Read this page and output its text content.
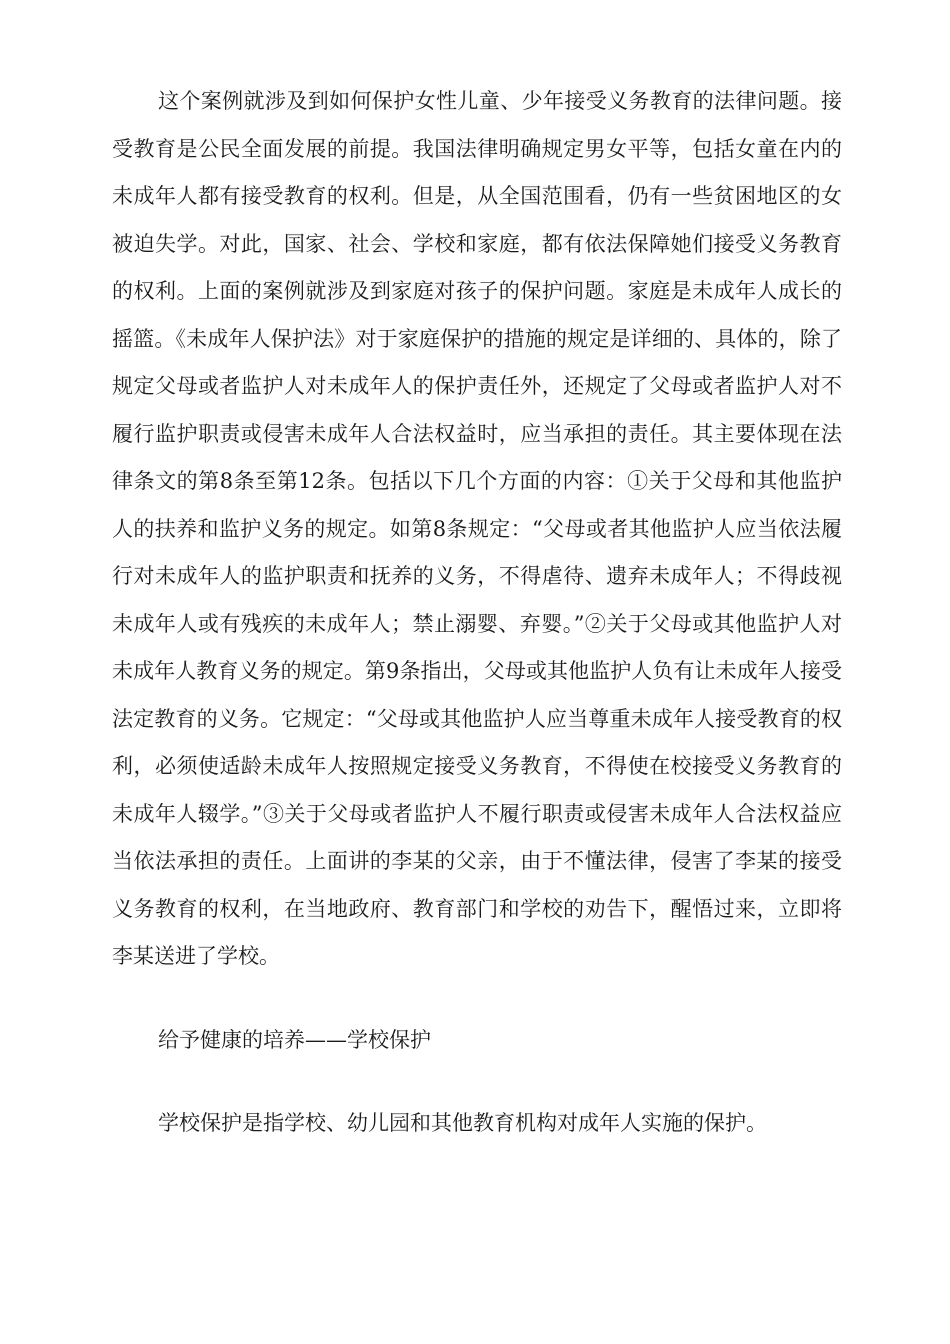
这个案例就涉及到如何保护女性儿童、少年接受义务教育的法律问题。接受教育是公民全面发展的前提。我国法律明确规定男女平等，包括女童在内的未成年人都有接受教育的权利。但是，从全国范围看，仍有一些贫困地区的女被迫失学。对此，国家、社会、学校和家庭，都有依法保障她们接受义务教育的权利。上面的案例就涉及到家庭对孩子的保护问题。家庭是未成年人成长的摇篮。《未成年人保护法》对于家庭保护的措施的规定是详细的、具体的，除了规定父母或者监护人对未成年人的保护责任外，还规定了父母或者监护人对不履行监护职责或侵害未成年人合法权益时，应当承担的责任。其主要体现在法律条文的第8条至第12条。包括以下几个方面的内容：①关于父母和其他监护人的扶养和监护义务的规定。如第8条规定：“父母或者其他监护人应当依法履行对未成年人的监护职责和抚养的义务，不得虐待、遗弃未成年人；不得歧视未成年人或有残疾的未成年人；禁止溺婴、弃婴。”②关于父母或其他监护人对未成年人教育义务的规定。第9条指出，父母或其他监护人负有让未成年人接受法定教育的义务。它规定：“父母或其他监护人应当尊重未成年人接受教育的权利，必须使适龄未成年人按照规定接受义务教育，不得使在校接受义务教育的未成年人辍学。”③关于父母或者监护人不履行职责或侵害未成年人合法权益应当依法承担的责任。上面讲的李某的父亲，由于不懂法律，侵害了李某的接受义务教育的权利，在当地政府、教育部门和学校的劝告下，醒悟过来，立即将李某送进了学校。

给予健康的培养——学校保护

学校保护是指学校、幼儿园和其他教育机构对成年人实施的保护。
